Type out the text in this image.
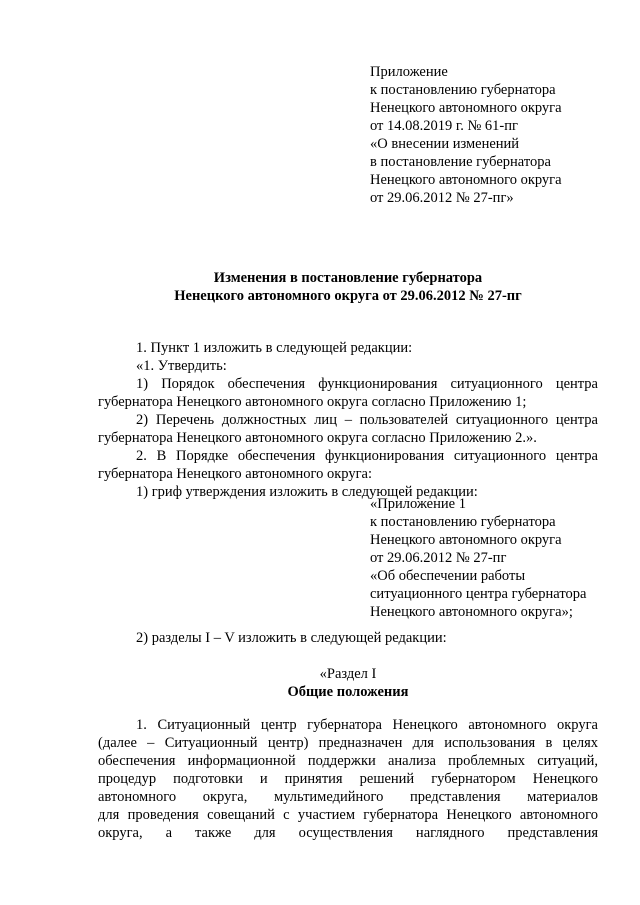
Приложение
к постановлению губернатора
Ненецкого автономного округа
от 14.08.2019 г. № 61-пг
«О внесении изменений
в постановление губернатора
Ненецкого автономного округа
от 29.06.2012 № 27-пг»
Изменения в постановление губернатора
Ненецкого автономного округа от 29.06.2012 № 27-пг
1. Пункт 1 изложить в следующей редакции:
«1. Утвердить:
1) Порядок обеспечения функционирования ситуационного центра
губернатора Ненецкого автономного округа согласно Приложению 1;
2) Перечень должностных лиц – пользователей ситуационного центра
губернатора Ненецкого автономного округа согласно Приложению 2.».
2. В Порядке обеспечения функционирования ситуационного центра
губернатора Ненецкого автономного округа:
1) гриф утверждения изложить в следующей редакции:
«Приложение 1
к постановлению губернатора
Ненецкого автономного округа
от 29.06.2012 № 27-пг
«Об обеспечении работы
ситуационного центра губернатора
Ненецкого автономного округа»;
2) разделы I – V изложить в следующей редакции:
«Раздел I
Общие положения
1. Ситуационный центр губернатора Ненецкого автономного округа
(далее – Ситуационный центр) предназначен для использования в целях
обеспечения информационной поддержки анализа проблемных ситуаций,
процедур подготовки и принятия решений губернатором Ненецкого
автономного округа, мультимедийного представления материалов
для проведения совещаний с участием губернатора Ненецкого автономного
округа, а также для осуществления наглядного представления
